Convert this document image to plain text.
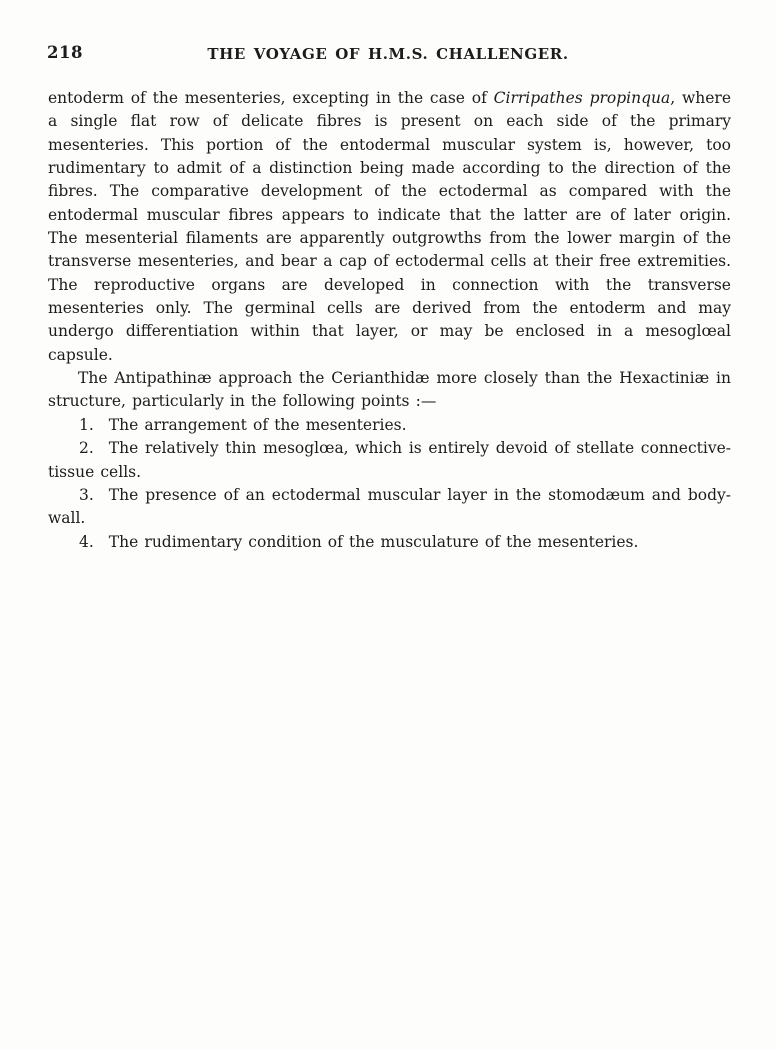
218	THE VOYAGE OF H.M.S. CHALLENGER.

entoderm of the mesenteries, excepting in the case of Cirripathes propinqua, where a single flat row of delicate fibres is present on each side of the primary mesenteries. This portion of the entodermal muscular system is, however, too rudimentary to admit of a distinction being made according to the direction of the fibres. The comparative development of the ectodermal as compared with the entodermal muscular fibres appears to indicate that the latter are of later origin. The mesenterial filaments are apparently outgrowths from the lower margin of the transverse mesenteries, and bear a cap of ectodermal cells at their free extremities. The reproductive organs are developed in connection with the transverse mesenteries only. The germinal cells are derived from the entoderm and may undergo differentiation within that layer, or may be enclosed in a mesoglœal capsule.

The Antipathinæ approach the Cerianthidæ more closely than the Hexactiniæ in structure, particularly in the following points :—

1. The arrangement of the mesenteries.

2. The relatively thin mesoglœa, which is entirely devoid of stellate connective-tissue cells.

3. The presence of an ectodermal muscular layer in the stomodæum and body-wall.

4. The rudimentary condition of the musculature of the mesenteries.
